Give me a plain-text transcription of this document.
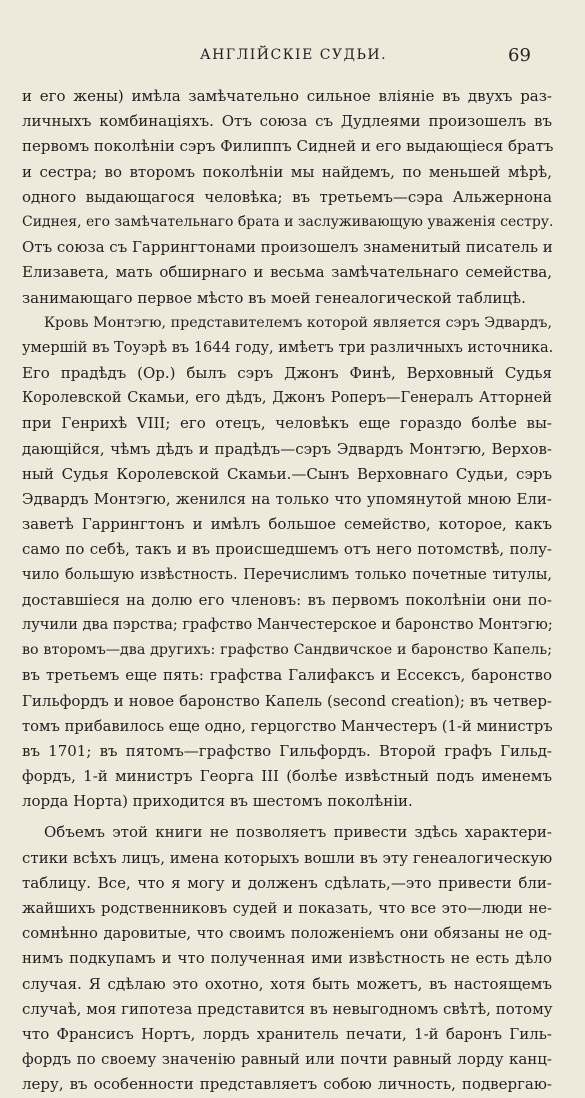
АНГЛІЙСКІЕ СУДЬИ.	69
и его жены) имѣла замѣчательно сильное вліяніе въ двухъ раз-
личныхъ комбинаціяхъ. Отъ союза съ Дудлеями произошелъ въ
первомъ поколѣніи сэръ Филиппъ Сидней и его выдающіеся братъ
и сестра; во второмъ поколѣніи мы найдемъ, по меньшей мѣрѣ,
одного выдающагося человѣка; въ третьемъ—сэра Альжернона
Сиднея, его замѣчательнаго брата и заслуживающую уваженія сестру.
Отъ союза съ Гаррингтонами произошелъ знаменитый писатель и
Елизавета, мать обширнаго и весьма замѣчательнаго семейства,
занимающаго первое мѣсто въ моей генеалогической таблицѣ.
Кровь Монтэгю, представителемъ которой является сэръ Эдвардъ,
умершій въ Тоуэрѣ въ 1644 году, имѣетъ три различныхъ источника.
Его прадѣдъ (Ор.) былъ сэръ Джонъ Финѣ, Верховный Судья
Королевской Скамьи, его дѣдъ, Джонъ Роперъ—Генералъ Атторней
при Генрихѣ VIII; его отецъ, человѣкъ еще гораздо болѣе вы-
дающійся, чѣмъ дѣдъ и прадѣдъ—сэръ Эдвардъ Монтэгю, Верхов-
ный Судья Королевской Скамьи.—Сынъ Верховнаго Судьи, сэръ
Эдвардъ Монтэгю, женился на только что упомянутой мною Ели-
заветѣ Гаррингтонъ и имѣлъ большое семейство, которое, какъ
само по себѣ, такъ и въ происшедшемъ отъ него потомствѣ, полу-
чило большую извѣстность. Перечислимъ только почетные титулы,
доставшіеся на долю его членовъ: въ первомъ поколѣніи они по-
лучили два пэрства; графство Манчестерское и баронство Монтэгю;
во второмъ—два другихъ: графство Сандвичское и баронство Капель;
въ третьемъ еще пять: графства Галифаксъ и Ессексъ, баронство
Гильфордъ и новое баронство Капель (second creation); въ четвер-
томъ прибавилось еще одно, герцогство Манчестеръ (1-й министръ
въ 1701; въ пятомъ—графство Гильфордъ. Второй графъ Гильд-
фордъ, 1-й министръ Георга III (болѣе извѣстный подъ именемъ
лорда Норта) приходится въ шестомъ поколѣніи.
Объемъ этой книги не позволяетъ привести здѣсь характери-
стики всѣхъ лицъ, имена которыхъ вошли въ эту генеалогическую
таблицу. Все, что я могу и долженъ сдѣлать,—это привести бли-
жайшихъ родственниковъ судей и показать, что все это—люди не-
сомнѣнно даровитые, что своимъ положеніемъ они обязаны не од-
нимъ подкупамъ и что полученная ими извѣстность не есть дѣло
случая. Я сдѣлаю это охотно, хотя быть можетъ, въ настоящемъ
случаѣ, моя гипотеза представится въ невыгодномъ свѣтѣ, потому
что Франсисъ Нортъ, лордъ хранитель печати, 1-й баронъ Гиль-
фордъ по своему значенію равный или почти равный лорду канц-
леру, въ особенности представляетъ собою личность, подвергаю-
